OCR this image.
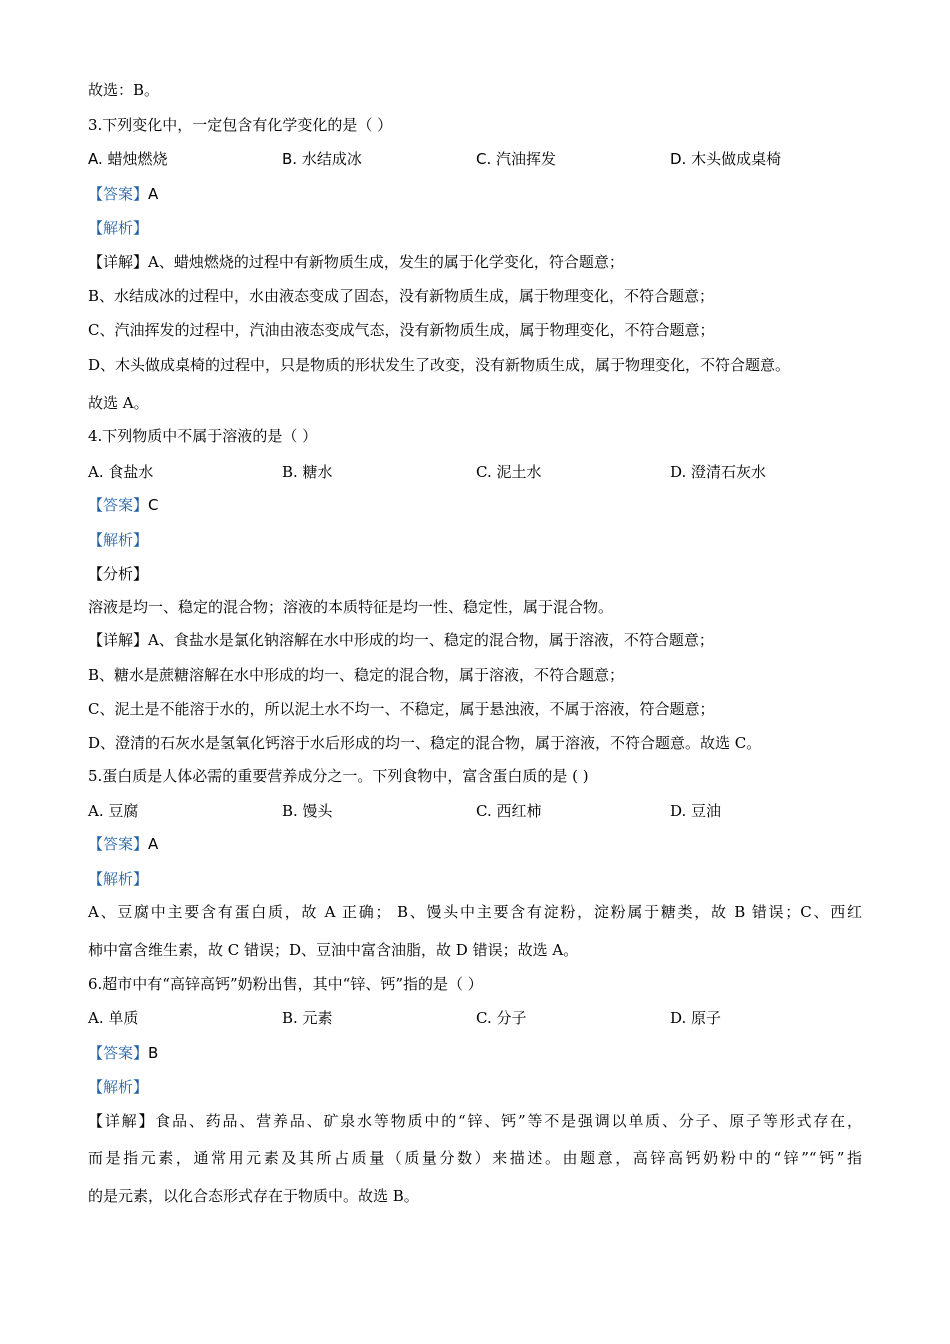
故选：B。
3.下列变化中，一定包含有化学变化的是（ ）
A. 蜡烛燃烧	B. 水结成冰	C. 汽油挥发	D. 木头做成桌椅
【答案】A
【解析】
【详解】A、蜡烛燃烧的过程中有新物质生成，发生的属于化学变化，符合题意；
B、水结成冰的过程中，水由液态变成了固态，没有新物质生成，属于物理变化，不符合题意；
C、汽油挥发的过程中，汽油由液态变成气态，没有新物质生成，属于物理变化，不符合题意；
D、木头做成桌椅的过程中，只是物质的形状发生了改变，没有新物质生成，属于物理变化，不符合题意。
故选 A。
4.下列物质中不属于溶液的是（ ）
A. 食盐水	B. 糖水	C. 泥土水	D. 澄清石灰水
【答案】C
【解析】
【分析】
溶液是均一、稳定的混合物；溶液的本质特征是均一性、稳定性，属于混合物。
【详解】A、食盐水是氯化钠溶解在水中形成的均一、稳定的混合物，属于溶液，不符合题意；
B、糖水是蔗糖溶解在水中形成的均一、稳定的混合物，属于溶液，不符合题意；
C、泥土是不能溶于水的，所以泥土水不均一、不稳定，属于悬浊液，不属于溶液，符合题意；
D、澄清的石灰水是氢氧化钙溶于水后形成的均一、稳定的混合物，属于溶液，不符合题意。故选 C。
5.蛋白质是人体必需的重要营养成分之一。下列食物中，富含蛋白质的是 ( )
A. 豆腐	B. 馒头	C. 西红柿	D. 豆油
【答案】A
【解析】
A、豆腐中主要含有蛋白质，故 A 正确； B、馒头中主要含有淀粉，淀粉属于糖类，故 B 错误；C、西红
柿中富含维生素，故 C 错误；D、豆油中富含油脂，故 D 错误；故选 A。
6.超市中有“高锌高钙”奶粉出售，其中“锌、钙”指的是（ ）
A. 单质	B. 元素	C. 分子	D. 原子
【答案】B
【解析】
【详解】食品、药品、营养品、矿泉水等物质中的“锌、钙”等不是强调以单质、分子、原子等形式存在，
而是指元素，通常用元素及其所占质量（质量分数）来描述。由题意，高锌高钙奶粉中的“锌”“钙”指
的是元素，以化合态形式存在于物质中。故选 B。
